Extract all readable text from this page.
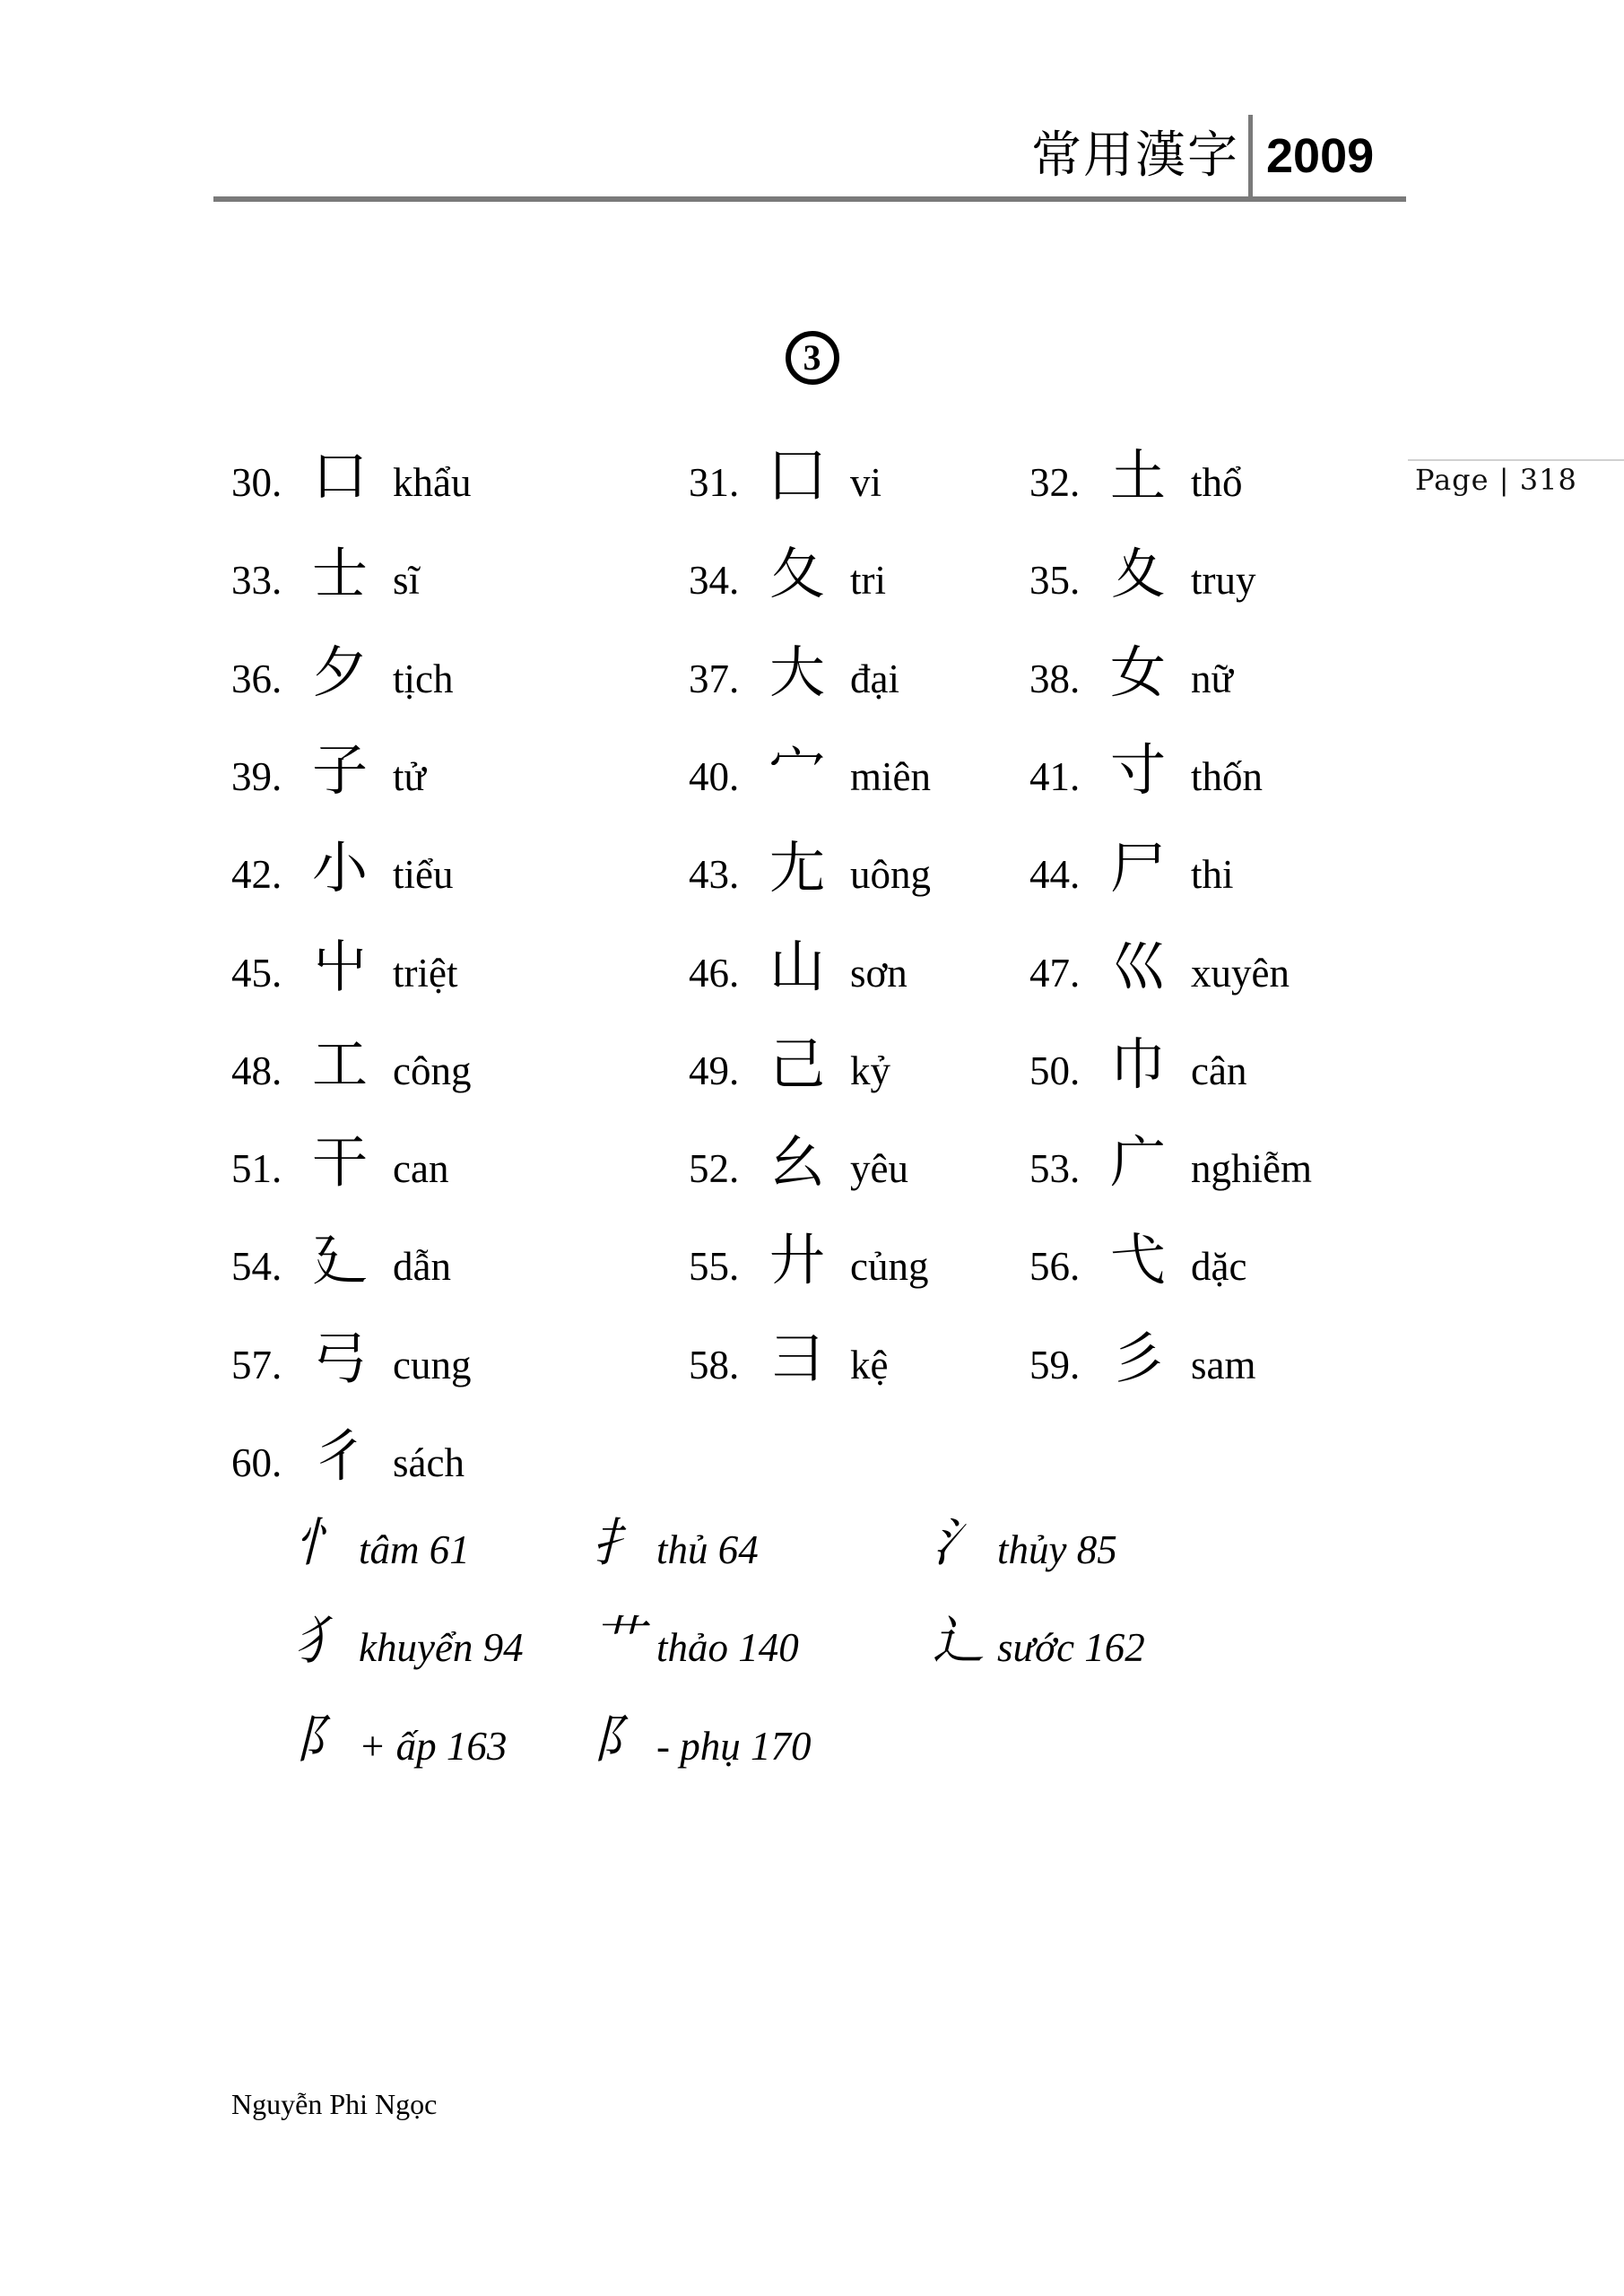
常用漢字 2009
3
Page | 318
30. 口 khẩu	31. 囗 vi	32. 土 thổ
33. 士 sĩ	34. 夂 tri	35. 夊 truy
36. 夕 tịch	37. 大 đại	38. 女 nữ
39. 子 tử	40. 宀 miên 41. 寸 thốn
42. 小 tiểu	43. 尢 uông 44. 尸 thi
45. 屮 triệt	46. 山 sơn	47. 巛 xuyên
48. 工 công	49. 己 kỷ	50. 巾 cân
51. 干 can	52. 幺 yêu	53. 广 nghiễm
54. 廴 dẫn	55. 廾 củng	56. 弋 dặc
57. 弓 cung	58. 彐 kệ	59. 彡 sam
60. 彳 sách
忄 tâm 61 扌 thủ 64	氵 thủy 85
犭 khuyển 94 艹 thảo 140	辶 sước 162
阝 + ấp 163 阝 - phụ 170
Nguyễn Phi Ngọc
